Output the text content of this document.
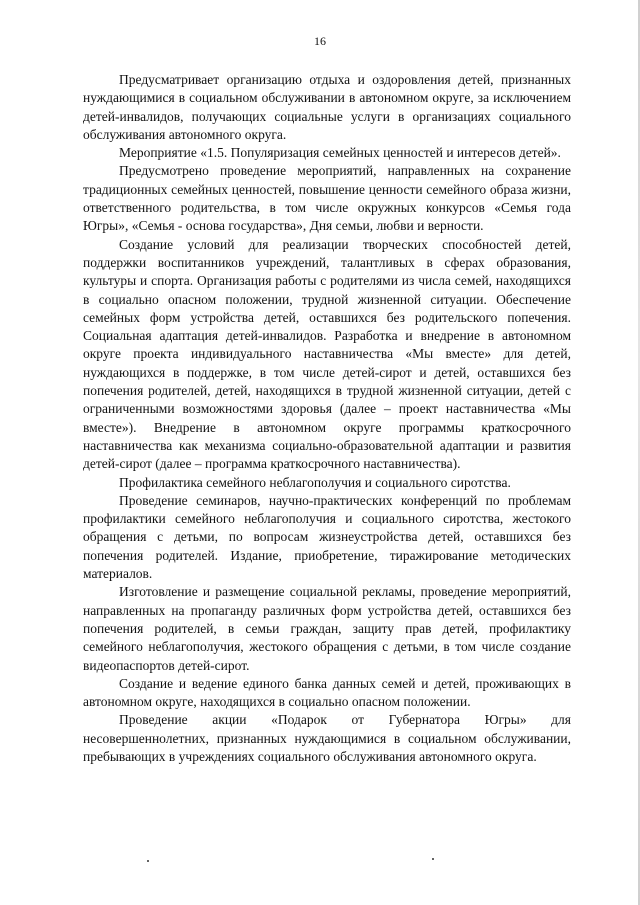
16

Предусматривает организацию отдыха и оздоровления детей, признанных нуждающимися в социальном обслуживании в автономном округе, за исключением детей-инвалидов, получающих социальные услуги в организациях социального обслуживания автономного округа.

Мероприятие «1.5. Популяризация семейных ценностей и интересов детей».

Предусмотрено проведение мероприятий, направленных на сохранение традиционных семейных ценностей, повышение ценности семейного образа жизни, ответственного родительства, в том числе окружных конкурсов «Семья года Югры», «Семья - основа государства», Дня семьи, любви и верности.

Создание условий для реализации творческих способностей детей, поддержки воспитанников учреждений, талантливых в сферах образования, культуры и спорта. Организация работы с родителями из числа семей, находящихся в социально опасном положении, трудной жизненной ситуации. Обеспечение семейных форм устройства детей, оставшихся без родительского попечения. Социальная адаптация детей-инвалидов. Разработка и внедрение в автономном округе проекта индивидуального наставничества «Мы вместе» для детей, нуждающихся в поддержке, в том числе детей-сирот и детей, оставшихся без попечения родителей, детей, находящихся в трудной жизненной ситуации, детей с ограниченными возможностями здоровья (далее – проект наставничества «Мы вместе»). Внедрение в автономном округе программы краткосрочного наставничества как механизма социально-образовательной адаптации и развития детей-сирот (далее – программа краткосрочного наставничества).

Профилактика семейного неблагополучия и социального сиротства.

Проведение семинаров, научно-практических конференций по проблемам профилактики семейного неблагополучия и социального сиротства, жестокого обращения с детьми, по вопросам жизнеустройства детей, оставшихся без попечения родителей. Издание, приобретение, тиражирование методических материалов.

Изготовление и размещение социальной рекламы, проведение мероприятий, направленных на пропаганду различных форм устройства детей, оставшихся без попечения родителей, в семьи граждан, защиту прав детей, профилактику семейного неблагополучия, жестокого обращения с детьми, в том числе создание видеопаспортов детей-сирот.

Создание и ведение единого банка данных семей и детей, проживающих в автономном округе, находящихся в социально опасном положении.

Проведение акции «Подарок от Губернатора Югры» для несовершеннолетних, признанных нуждающимися в социальном обслуживании, пребывающих в учреждениях социального обслуживания автономного округа.
